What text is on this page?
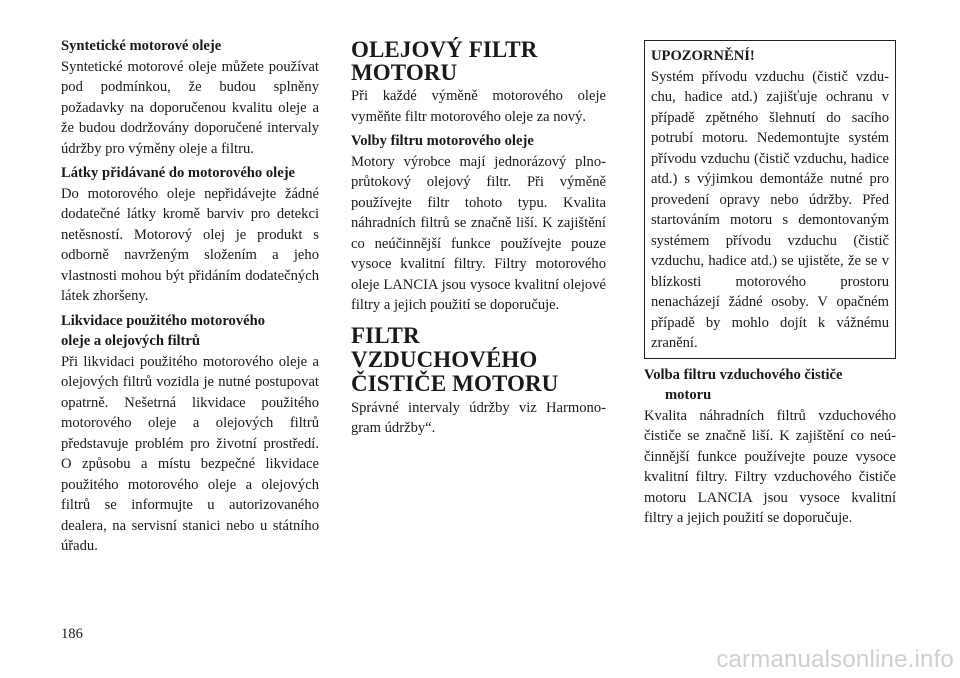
Syntetické motorové oleje

Syntetické motorové oleje můžete používat pod podmínkou, že budou splněny požadavky na doporučenou kvalitu oleje a že budou dodržovány doporučené intervaly údržby pro výměny oleje a filtru.

Látky přidávané do motorového oleje

Do motorového oleje nepřidávejte žádné dodatečné látky kromě barviv pro detekci netěsností. Motorový olej je produkt s odborně navrženým složením a jeho vlastnosti mohou být přidáním dodatečných látek zhoršeny.

Likvidace použitého motorového
oleje a olejových filtrů

Při likvidaci použitého motorového oleje a olejových filtrů vozidla je nutné postupovat opatrně. Nešetrná likvidace použitého motorového oleje a olejových filtrů představuje problém pro životní prostředí. O způsobu a místu bezpečné likvidace použitého motorového oleje a olejových filtrů se informujte u autorizovaného dealera, na servisní stanici nebo u státního úřadu.

OLEJOVÝ FILTR MOTORU

Při každé výměně motorového oleje vyměňte filtr motorového oleje za nový.

Volby filtru motorového oleje

Motory výrobce mají jednorázový plnoprůtokový olejový filtr. Při výměně používejte filtr tohoto typu. Kvalita náhradních filtrů se značně liší. K zajištění co neúčinnější funkce používejte pouze vysoce kvalitní filtry. Filtry motorového oleje LANCIA jsou vysoce kvalitní olejové filtry a jejich použití se doporučuje.

FILTR VZDUCHOVÉHO
ČISTIČE MOTORU

Správné intervaly údržby viz Harmonogram údržby“.

UPOZORNĚNÍ!

Systém přívodu vzduchu (čistič vzduchu, hadice atd.) zajišťuje ochranu v případě zpětného šlehnutí do sacího potrubí motoru. Nedemontujte systém přívodu vzduchu (čistič vzduchu, hadice atd.) s výjimkou demontáže nutné pro provedení opravy nebo údržby. Před startováním motoru s demontovaným systémem přívodu vzduchu (čistič vzduchu, hadice atd.) se ujistěte, že se v blízkosti motorového prostoru nenacházejí žádné osoby. V opačném případě by mohlo dojít k vážnému zranění.

Volba filtru vzduchového čističe
motoru

Kvalita náhradních filtrů vzduchového čističe se značně liší. K zajištění co neúčinnější funkce používejte pouze vysoce kvalitní filtry. Filtry vzduchového čističe motoru LANCIA jsou vysoce kvalitní filtry a jejich použití se doporučuje.

186
carmanualsonline.info
